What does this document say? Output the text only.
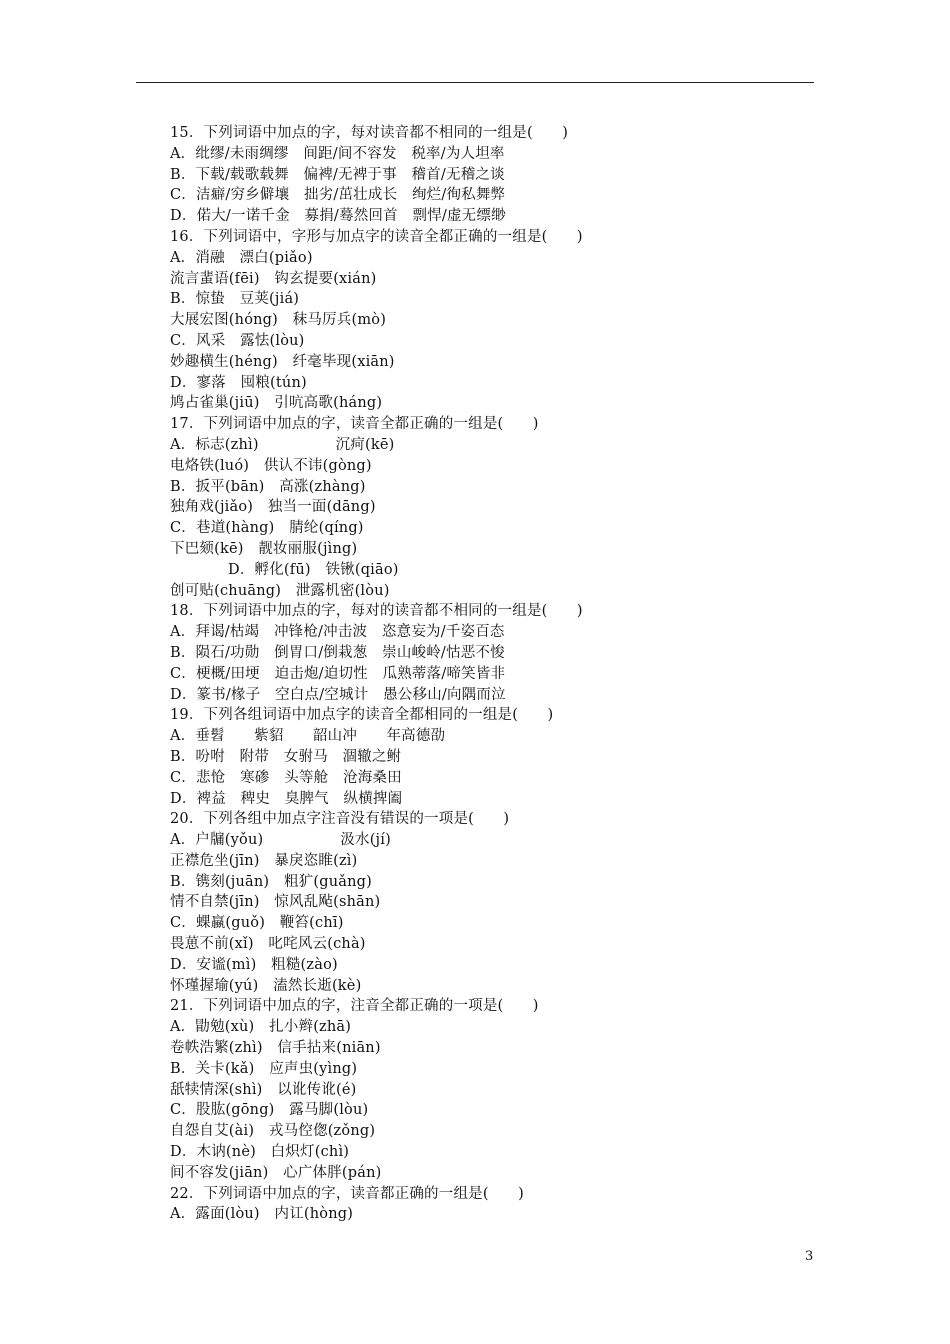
15．下列词语中加点的字，每对读音都不相同的一组是(　　)
A．纰缪/未雨绸缪　间距/间不容发　税率/为人坦率
B．下载/载歌载舞　偏裨/无裨于事　稽首/无稽之谈
C．洁癖/穷乡僻壤　拙劣/茁壮成长　绚烂/徇私舞弊
D．偌大/一诺千金　募捐/蓦然回首　剽悍/虚无缥缈
16．下列词语中，字形与加点字的读音全都正确的一组是(　　)
A．消融　漂白(piǎo)
流言蜚语(fēi)　钩玄提要(xián)
B．惊蛰　豆荚(jiá)
大展宏图(hóng)　秣马厉兵(mò)
C．风采　露怯(lòu)
妙趣横生(héng)　纤毫毕现(xiān)
D．寥落　囤粮(tún)
鸠占雀巢(jiū)　引吭高歌(háng)
17．下列词语中加点的字，读音全都正确的一组是(　　)
A．标志(zhì)                沉疴(kē)
电烙铁(luó)　供认不讳(gòng)
B．扳平(bān)　高涨(zhàng)
独角戏(jiǎo)　独当一面(dāng)
C．巷道(hàng)　腈纶(qíng)
下巴颏(kē)　靓妆丽服(jìng)
D．孵化(fū)　铁锹(qiāo)
创可贴(chuāng)　泄露机密(lòu)
18．下列词语中加点的字，每对的读音都不相同的一组是(　　)
A．拜谒/枯竭　冲锋枪/冲击波　恣意妄为/千姿百态
B．陨石/功勋　倒胃口/倒栽葱　崇山峻岭/怙恶不悛
C．梗概/田埂　迫击炮/迫切性　瓜熟蒂落/啼笑皆非
D．篆书/椽子　空白点/空城计　愚公移山/向隅而泣
19．下列各组词语中加点字的读音全都相同的一组是(　　)
A．垂髫　　紫貂　　韶山冲　　年高德劭
B．吩咐　附带　女驸马　涸辙之鲋
C．悲怆　寒碜　头等舱　沧海桑田
D．裨益　稗史　臭脾气　纵横捭阖
20．下列各组中加点字注音没有错误的一项是(　　)
A．户牖(yǒu)                汲水(jí)
正襟危坐(jīn)　暴戾恣睢(zì)
B．镌刻(juān)　粗犷(guǎng)
情不自禁(jīn)　惊风乱飐(shān)
C．蜾蠃(guǒ)　鞭笞(chī)
畏葸不前(xǐ)　叱咤风云(chà)
D．安谧(mì)　粗糙(zào)
怀瑾握瑜(yú)　溘然长逝(kè)
21．下列词语中加点的字，注音全都正确的一项是(　　)
A．勖勉(xù)　扎小辫(zhā)
卷帙浩繁(zhì)　信手拈来(niān)
B．关卡(kǎ)　应声虫(yìng)
舐犊情深(shì)　以讹传讹(é)
C．股肱(gōng)　露马脚(lòu)
自怨自艾(ài)　戎马倥偬(zǒng)
D．木讷(nè)　白炽灯(chì)
间不容发(jiān)　心广体胖(pán)
22．下列词语中加点的字，读音都正确的一组是(　　)
A．露面(lòu)　内讧(hòng)
3
